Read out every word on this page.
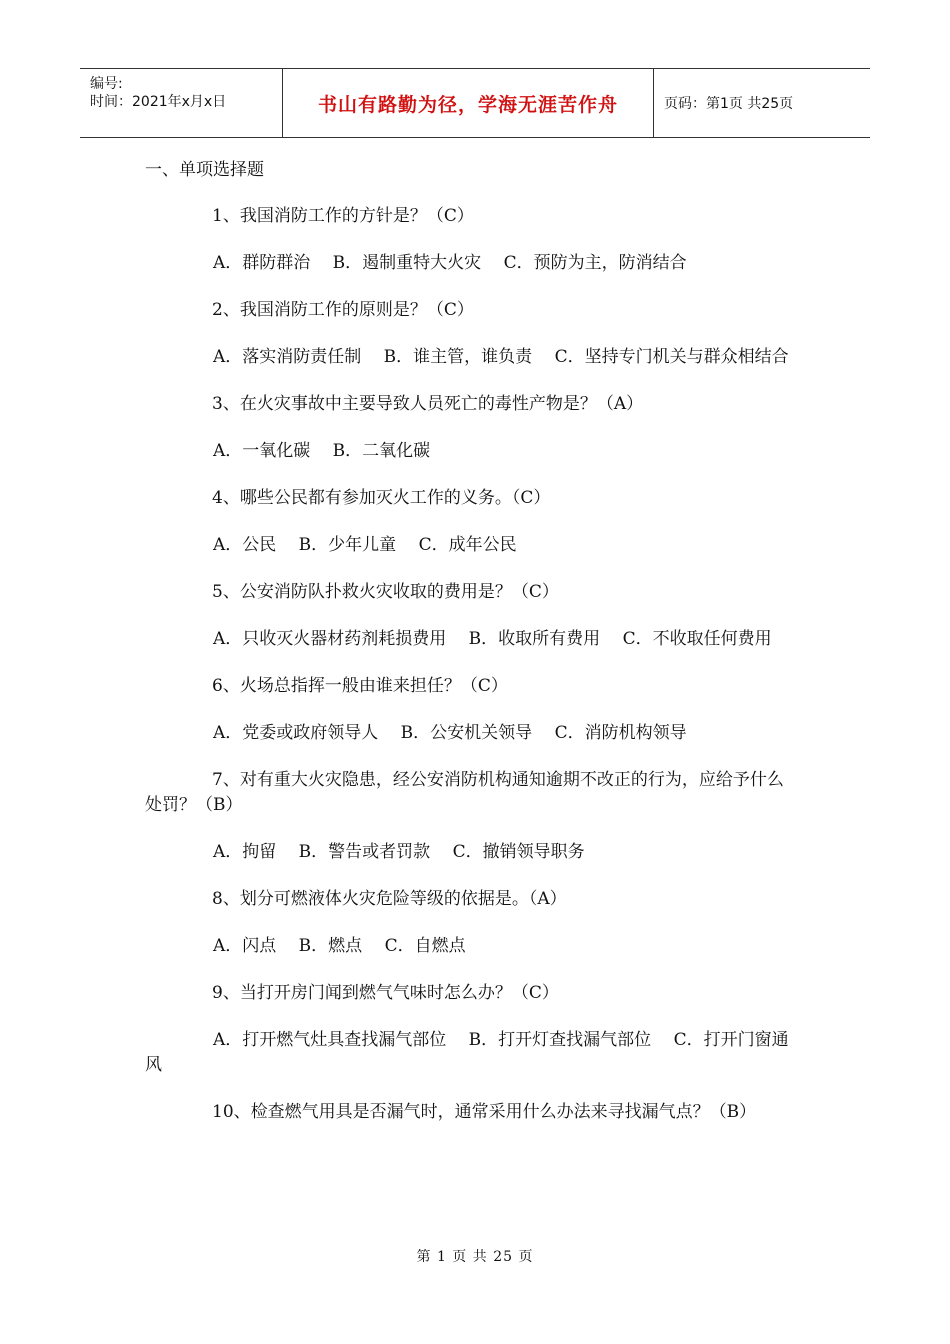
编号:
时间：2021年x月x日	书山有路勤为径，学海无涯苦作舟	页码：第1页 共25页

一、单项选择题

1、我国消防工作的方针是？（C）

A．群防群治　 B．遏制重特大火灾　 C．预防为主，防消结合

2、我国消防工作的原则是？（C）

A．落实消防责任制　 B．谁主管，谁负责　 C．坚持专门机关与群众相结合

3、在火灾事故中主要导致人员死亡的毒性产物是？（A）

A．一氧化碳　 B．二氧化碳

4、哪些公民都有参加灭火工作的义务。（C）

A．公民　 B．少年儿童　 C．成年公民

5、公安消防队扑救火灾收取的费用是？（C）

A．只收灭火器材药剂耗损费用　 B．收取所有费用　 C．不收取任何费用

6、火场总指挥一般由谁来担任？（C）

A．党委或政府领导人　 B．公安机关领导　 C．消防机构领导

7、对有重大火灾隐患，经公安消防机构通知逾期不改正的行为，应给予什么处罚？（B）

A．拘留　 B．警告或者罚款　 C．撤销领导职务

8、划分可燃液体火灾危险等级的依据是。（A）

A．闪点　 B．燃点　 C．自燃点

9、当打开房门闻到燃气气味时怎么办？（C）

A．打开燃气灶具查找漏气部位　 B．打开灯查找漏气部位　 C．打开门窗通风

10、检查燃气用具是否漏气时，通常采用什么办法来寻找漏气点？（B）

第 1 页 共 25 页
